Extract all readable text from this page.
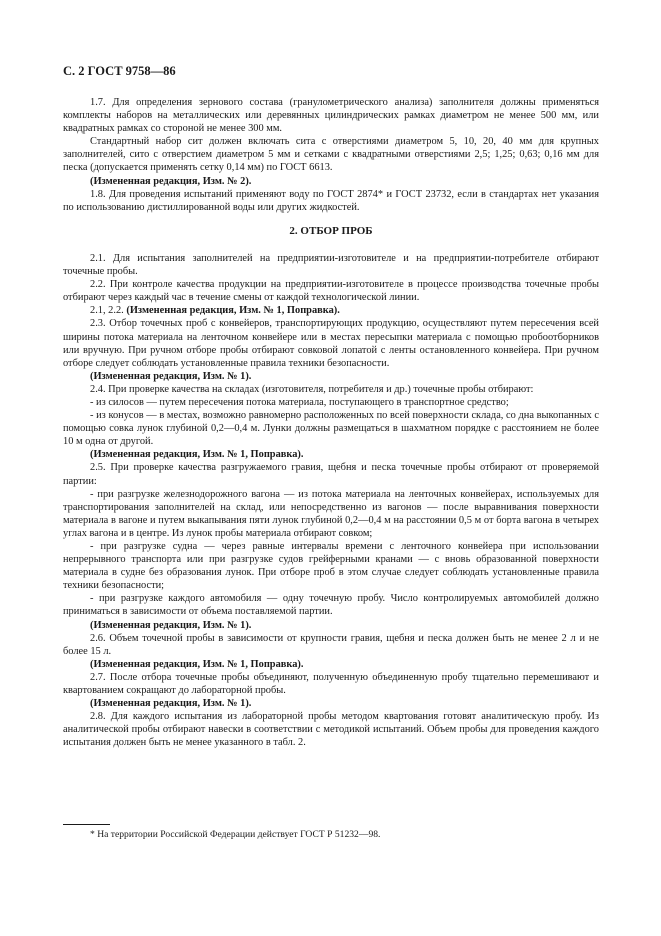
С. 2 ГОСТ 9758—86

1.7. Для определения зернового состава (гранулометрического анализа) заполнителя должны применяться комплекты наборов на металлических или деревянных цилиндрических рамках диаметром не менее 500 мм, или квадратных рамках со стороной не менее 300 мм.

Стандартный набор сит должен включать сита с отверстиями диаметром 5, 10, 20, 40 мм для крупных заполнителей, сито с отверстием диаметром 5 мм и сетками с квадратными отверстиями 2,5; 1,25; 0,63; 0,16 мм для песка (допускается применять сетку 0,14 мм) по ГОСТ 6613.

(Измененная редакция, Изм. № 2).

1.8. Для проведения испытаний применяют воду по ГОСТ 2874* и ГОСТ 23732, если в стандартах нет указания по использованию дистиллированной воды или других жидкостей.

2. ОТБОР ПРОБ

2.1. Для испытания заполнителей на предприятии-изготовителе и на предприятии-потребителе отбирают точечные пробы.

2.2. При контроле качества продукции на предприятии-изготовителе в процессе производства точечные пробы отбирают через каждый час в течение смены от каждой технологической линии.

2.1, 2.2. (Измененная редакция, Изм. № 1, Поправка).

2.3. Отбор точечных проб с конвейеров, транспортирующих продукцию, осуществляют путем пересечения всей ширины потока материала на ленточном конвейере или в местах пересыпки материала с помощью пробоотборников или вручную. При ручном отборе пробы отбирают совковой лопатой с ленты остановленного конвейера. При ручном отборе следует соблюдать установленные правила техники безопасности.

(Измененная редакция, Изм. № 1).

2.4. При проверке качества на складах (изготовителя, потребителя и др.) точечные пробы отбирают:

- из силосов — путем пересечения потока материала, поступающего в транспортное средство;

- из конусов — в местах, возможно равномерно расположенных по всей поверхности склада, со дна выкопанных с помощью совка лунок глубиной 0,2—0,4 м. Лунки должны размещаться в шахматном порядке с расстоянием не более 10 м одна от другой.

(Измененная редакция, Изм. № 1, Поправка).

2.5. При проверке качества разгружаемого гравия, щебня и песка точечные пробы отбирают от проверяемой партии:

- при разгрузке железнодорожного вагона — из потока материала на ленточных конвейерах, используемых для транспортирования заполнителей на склад, или непосредственно из вагонов — после выравнивания поверхности материала в вагоне и путем выкапывания пяти лунок глубиной 0,2—0,4 м на расстоянии 0,5 м от борта вагона в четырех углах вагона и в центре. Из лунок пробы материала отбирают совком;

- при разгрузке судна — через равные интервалы времени с ленточного конвейера при использовании непрерывного транспорта или при разгрузке судов грейферными кранами — с вновь образованной поверхности материала в судне без образования лунок. При отборе проб в этом случае следует соблюдать установленные правила техники безопасности;

- при разгрузке каждого автомобиля — одну точечную пробу. Число контролируемых автомобилей должно приниматься в зависимости от объема поставляемой партии.

(Измененная редакция, Изм. № 1).

2.6. Объем точечной пробы в зависимости от крупности гравия, щебня и песка должен быть не менее 2 л и не более 15 л.

(Измененная редакция, Изм. № 1, Поправка).

2.7. После отбора точечные пробы объединяют, полученную объединенную пробу тщательно перемешивают и квартованием сокращают до лабораторной пробы.

(Измененная редакция, Изм. № 1).

2.8. Для каждого испытания из лабораторной пробы методом квартования готовят аналитическую пробу. Из аналитической пробы отбирают навески в соответствии с методикой испытаний. Объем пробы для проведения каждого испытания должен быть не менее указанного в табл. 2.

* На территории Российской Федерации действует ГОСТ Р 51232—98.
